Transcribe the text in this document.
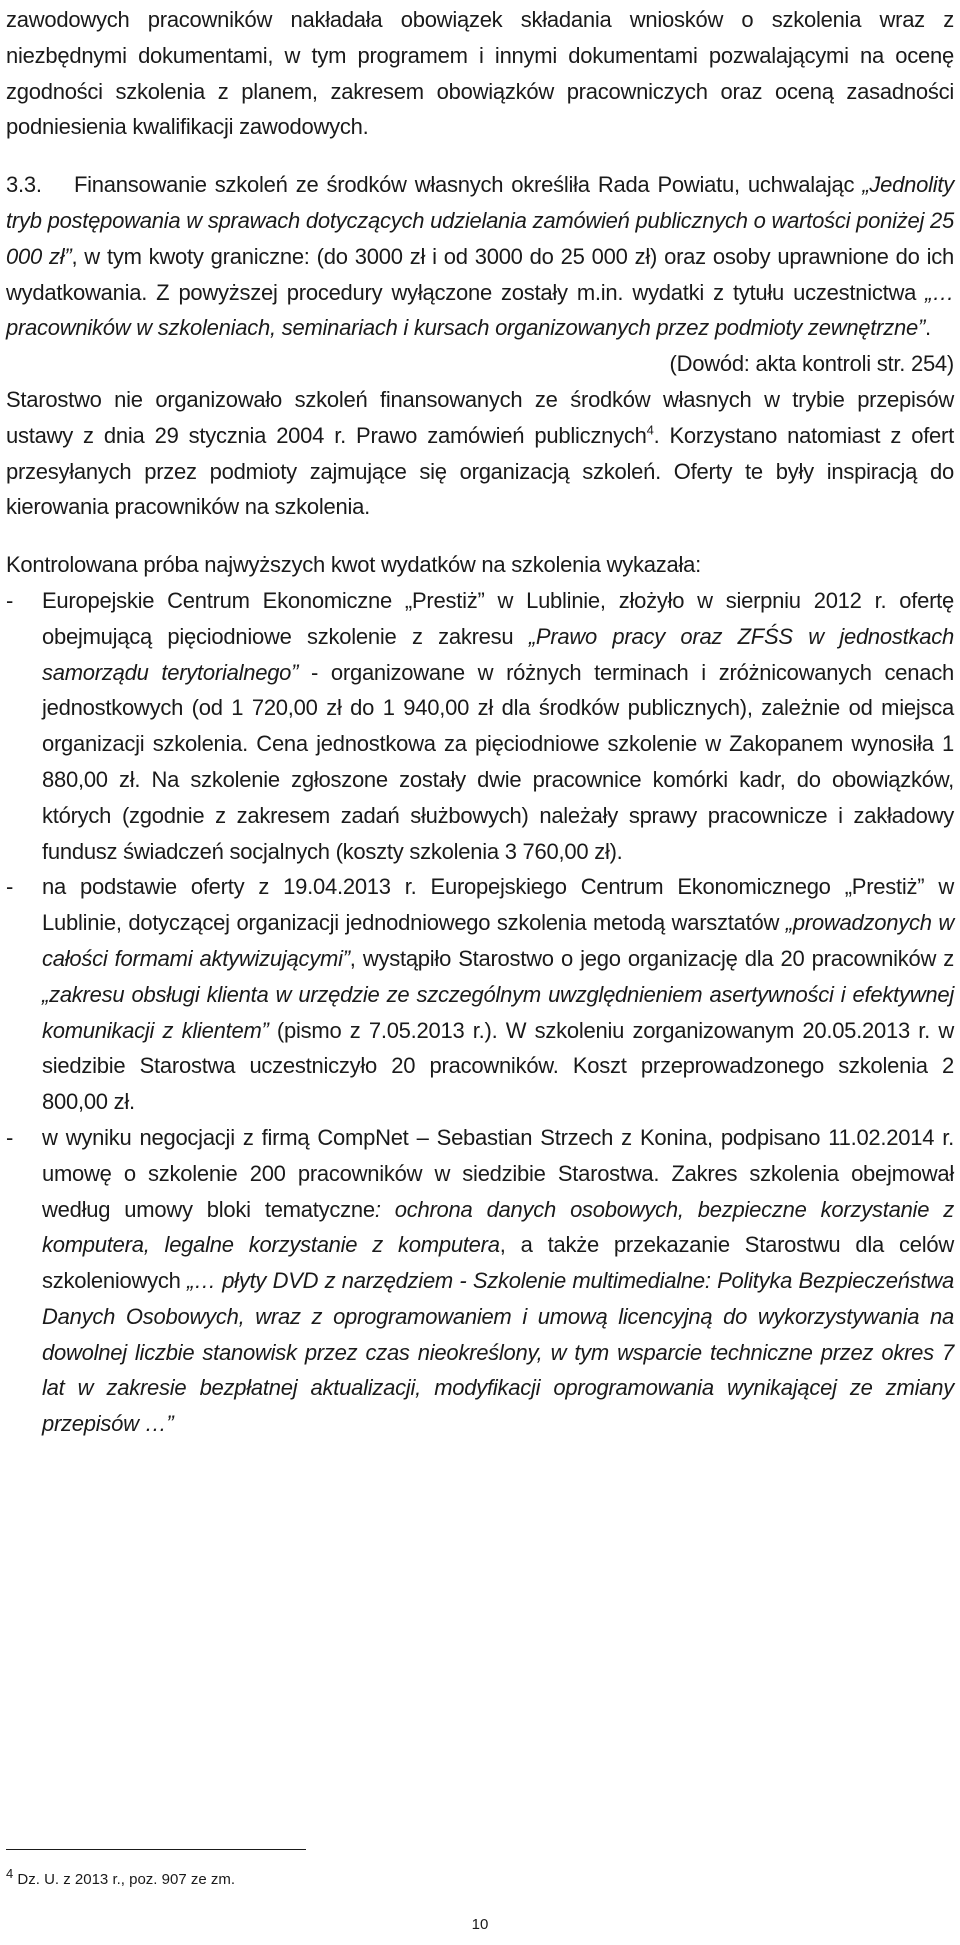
zawodowych pracowników nakładała obowiązek składania wniosków o szkolenia wraz z niezbędnymi dokumentami, w tym programem i innymi dokumentami pozwalającymi na ocenę zgodności szkolenia z planem, zakresem obowiązków pracowniczych oraz oceną zasadności podniesienia kwalifikacji zawodowych.

3.3. Finansowanie szkoleń ze środków własnych określiła Rada Powiatu, uchwalając „Jednolity tryb postępowania w sprawach dotyczących udzielania zamówień publicznych o wartości poniżej 25 000 zł”, w tym kwoty graniczne: (do 3000 zł i od 3000 do 25 000 zł) oraz osoby uprawnione do ich wydatkowania. Z powyższej procedury wyłączone zostały m.in. wydatki z tytułu uczestnictwa „… pracowników w szkoleniach, seminariach i kursach organizowanych przez podmioty zewnętrzne”.

(Dowód: akta kontroli str. 254)

Starostwo nie organizowało szkoleń finansowanych ze środków własnych w trybie przepisów ustawy z dnia 29 stycznia 2004 r. Prawo zamówień publicznych$^4$. Korzystano natomiast z ofert przesyłanych przez podmioty zajmujące się organizacją szkoleń. Oferty te były inspiracją do kierowania pracowników na szkolenia.

Kontrolowana próba najwyższych kwot wydatków na szkolenia wykazała:

- Europejskie Centrum Ekonomiczne „Prestiż” w Lublinie, złożyło w sierpniu 2012 r. ofertę obejmującą pięciodniowe szkolenie z zakresu „Prawo pracy oraz ZFŚS w jednostkach samorządu terytorialnego” - organizowane w różnych terminach i zróżnicowanych cenach jednostkowych (od 1 720,00 zł do 1 940,00 zł dla środków publicznych), zależnie od miejsca organizacji szkolenia. Cena jednostkowa za pięciodniowe szkolenie w Zakopanem wynosiła 1 880,00 zł. Na szkolenie zgłoszone zostały dwie pracownice komórki kadr, do obowiązków, których (zgodnie z zakresem zadań służbowych) należały sprawy pracownicze i zakładowy fundusz świadczeń socjalnych (koszty szkolenia 3 760,00 zł).
- na podstawie oferty z 19.04.2013 r. Europejskiego Centrum Ekonomicznego „Prestiż” w Lublinie, dotyczącej organizacji jednodniowego szkolenia metodą warsztatów „prowadzonych w całości formami aktywizującymi”, wystąpiło Starostwo o jego organizację dla 20 pracowników z „zakresu obsługi klienta w urzędzie ze szczególnym uwzględnieniem asertywności i efektywnej komunikacji z klientem” (pismo z 7.05.2013 r.). W szkoleniu zorganizowanym 20.05.2013 r. w siedzibie Starostwa uczestniczyło 20 pracowników. Koszt przeprowadzonego szkolenia 2 800,00 zł.
- w wyniku negocjacji z firmą CompNet – Sebastian Strzech z Konina, podpisano 11.02.2014 r. umowę o szkolenie 200 pracowników w siedzibie Starostwa. Zakres szkolenia obejmował według umowy bloki tematyczne: ochrona danych osobowych, bezpieczne korzystanie z komputera, legalne korzystanie z komputera, a także przekazanie Starostwu dla celów szkoleniowych „… płyty DVD z narzędziem - Szkolenie multimedialne: Polityka Bezpieczeństwa Danych Osobowych, wraz z oprogramowaniem i umową licencyjną do wykorzystywania na dowolnej liczbie stanowisk przez czas nieokreślony, w tym wsparcie techniczne przez okres 7 lat w zakresie bezpłatnej aktualizacji, modyfikacji oprogramowania wynikającej ze zmiany przepisów …”
$^4$ Dz. U. z 2013 r., poz. 907 ze zm.
10
